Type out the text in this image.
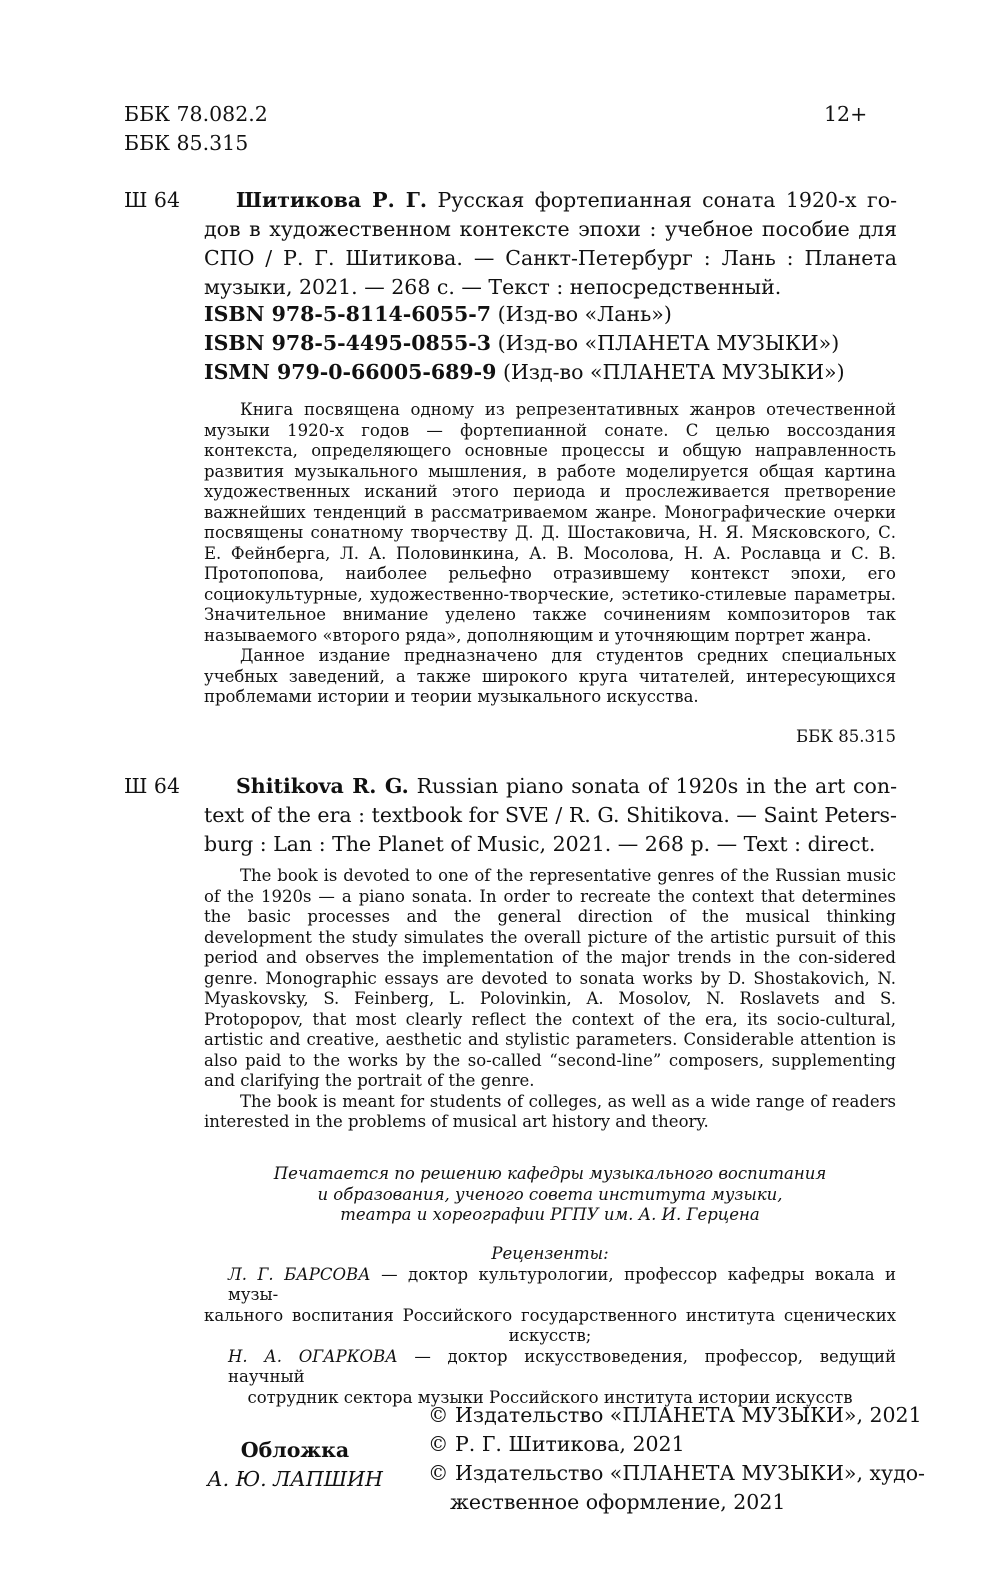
ББК 78.082.2
ББК 85.315
12+
Ш 64	Шитикова Р. Г. Русская фортепианная соната 1920-х го-
дов в художественном контексте эпохи : учебное пособие для
СПО / Р. Г. Шитикова. — Санкт-Петербург : Лань : Планета
музыки, 2021. — 268 с. — Текст : непосредственный.
ISBN 978-5-8114-6055-7 (Изд-во «Лань»)
ISBN 978-5-4495-0855-3 (Изд-во «ПЛАНЕТА МУЗЫКИ»)
ISMN 979-0-66005-689-9 (Изд-во «ПЛАНЕТА МУЗЫКИ»)

Книга посвящена одному из репрезентативных жанров отечественной музыки 1920-х годов — фортепианной сонате. С целью воссоздания контекста, определяющего основные процессы и общую направленность развития музыкального мышления, в работе моделируется общая картина художественных исканий этого периода и прослеживается претворение важнейших тенденций в рассматриваемом жанре. Монографические очерки посвящены сонатному творчеству Д. Д. Шостаковича, Н. Я. Мясковского, С. Е. Фейнберга, Л. А. Половинкина, А. В. Мосолова, Н. А. Рославца и С. В. Протопопова, наиболее рельефно отразившему контекст эпохи, его социокультурные, художественно-творческие, эстетико-стилевые параметры. Значительное внимание уделено также сочинениям композиторов так называемого «второго ряда», дополняющим и уточняющим портрет жанра.

Данное издание предназначено для студентов средних специальных учебных заведений, а также широкого круга читателей, интересующихся проблемами истории и теории музыкального искусства.

ББК 85.315
Ш 64	Shitikova R. G. Russian piano sonata of 1920s in the art con-
text of the era : textbook for SVE / R. G. Shitikova. — Saint Peters-
burg : Lan : The Planet of Music, 2021. — 268 p. — Text : direct.

The book is devoted to one of the representative genres of the Russian music of the 1920s — a piano sonata. In order to recreate the context that determines the basic processes and the general direction of the musical thinking development the study simulates the overall picture of the artistic pursuit of this period and observes the implementation of the major trends in the con-sidered genre. Monographic essays are devoted to sonata works by D. Shostakovich, N. Myaskovsky, S. Feinberg, L. Polovinkin, A. Mosolov, N. Roslavets and S. Protopopov, that most clearly reflect the context of the era, its socio-cultural, artistic and creative, aesthetic and stylistic parameters. Considerable attention is also paid to the works by the so-called “second-line” composers, supplementing and clarifying the portrait of the genre.

The book is meant for students of colleges, as well as a wide range of readers interested in the problems of musical art history and theory.

Печатается по решению кафедры музыкального воспитания
и образования, ученого совета института музыки,
театра и хореографии РГПУ им. А. И. Герцена
Рецензенты:
Л. Г. БАРСОВА — доктор культурологии, профессор кафедры вокала и музы-
кального воспитания Российского государственного института сценических
искусств;
Н. А. ОГАРКОВА — доктор искусствоведения, профессор, ведущий научный
сотрудник сектора музыки Российского института истории искусств
Обложка
А. Ю. ЛАПШИН
© Издательство «ПЛАНЕТА МУЗЫКИ», 2021
© Р. Г. Шитикова, 2021
© Издательство «ПЛАНЕТА МУЗЫКИ», худо-
жественное оформление, 2021
